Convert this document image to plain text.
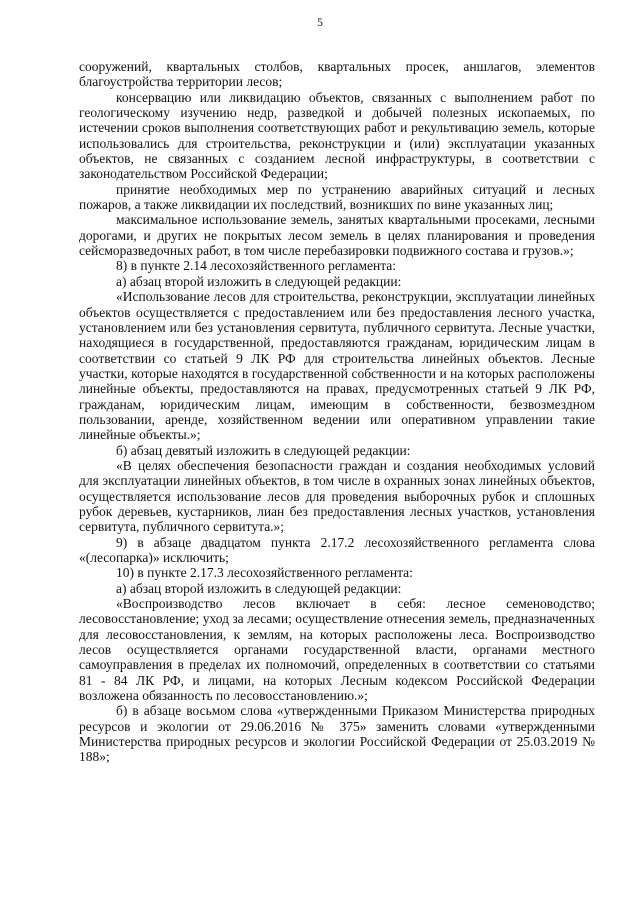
5

сооружений, квартальных столбов, квартальных просек, аншлагов, элементов благоустройства территории лесов;

консервацию или ликвидацию объектов, связанных с выполнением работ по геологическому изучению недр, разведкой и добычей полезных ископаемых, по истечении сроков выполнения соответствующих работ и рекультивацию земель, которые использовались для строительства, реконструкции и (или) эксплуатации указанных объектов, не связанных с созданием лесной инфраструктуры, в соответствии с законодательством Российской Федерации;

принятие необходимых мер по устранению аварийных ситуаций и лесных пожаров, а также ликвидации их последствий, возникших по вине указанных лиц;

максимальное использование земель, занятых квартальными просеками, лесными дорогами, и других не покрытых лесом земель в целях планирования и проведения сейсморазведочных работ, в том числе перебазировки подвижного состава и грузов.»;

8) в пункте 2.14 лесохозяйственного регламента:

а) абзац второй изложить в следующей редакции:

«Использование лесов для строительства, реконструкции, эксплуатации линейных объектов осуществляется с предоставлением или без предоставления лесного участка, установлением или без установления сервитута, публичного сервитута. Лесные участки, находящиеся в государственной, предоставляются гражданам, юридическим лицам в соответствии со статьей 9 ЛК РФ для строительства линейных объектов. Лесные участки, которые находятся в государственной собственности и на которых расположены линейные объекты, предоставляются на правах, предусмотренных статьей 9 ЛК РФ, гражданам, юридическим лицам, имеющим в собственности, безвозмездном пользовании, аренде, хозяйственном ведении или оперативном управлении такие линейные объекты.»;

б) абзац девятый изложить в следующей редакции:

«В целях обеспечения безопасности граждан и создания необходимых условий для эксплуатации линейных объектов, в том числе в охранных зонах линейных объектов, осуществляется использование лесов для проведения выборочных рубок и сплошных рубок деревьев, кустарников, лиан без предоставления лесных участков, установления сервитута, публичного сервитута.»;

9) в абзаце двадцатом пункта 2.17.2 лесохозяйственного регламента слова «(лесопарка)» исключить;

10) в пункте 2.17.3 лесохозяйственного регламента:

а) абзац второй изложить в следующей редакции:

«Воспроизводство лесов включает в себя: лесное семеноводство; лесовосстановление; уход за лесами; осуществление отнесения земель, предназначенных для лесовосстановления, к землям, на которых расположены леса. Воспроизводство лесов осуществляется органами государственной власти, органами местного самоуправления в пределах их полномочий, определенных в соответствии со статьями 81 - 84 ЛК РФ, и лицами, на которых Лесным кодексом Российской Федерации возложена обязанность по лесовосстановлению.»;

б) в абзаце восьмом слова «утвержденными Приказом Министерства природных ресурсов и экологии от 29.06.2016 № 375» заменить словами «утвержденными Министерства природных ресурсов и экологии Российской Федерации от 25.03.2019 № 188»;
